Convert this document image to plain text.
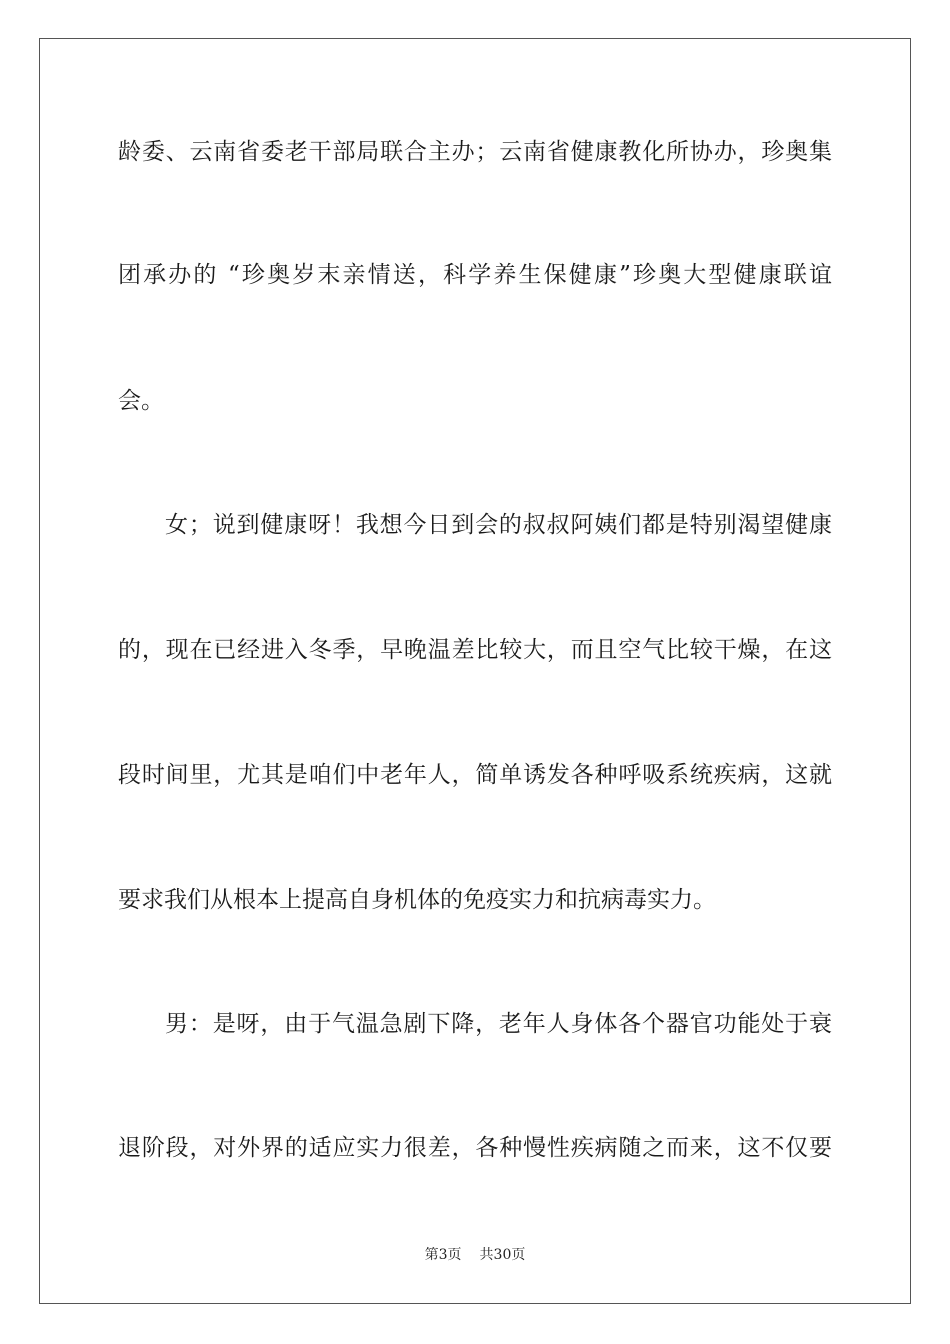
龄委、云南省委老干部局联合主办；云南省健康教化所协办，珍奥集
团承办的 “珍奥岁末亲情送，科学养生保健康”珍奥大型健康联谊
会。
女；说到健康呀！我想今日到会的叔叔阿姨们都是特别渴望健康
的，现在已经进入冬季，早晚温差比较大，而且空气比较干燥，在这
段时间里，尤其是咱们中老年人，简单诱发各种呼吸系统疾病，这就
要求我们从根本上提高自身机体的免疫实力和抗病毒实力。
男：是呀，由于气温急剧下降，老年人身体各个器官功能处于衰
退阶段，对外界的适应实力很差，各种慢性疾病随之而来，这不仅要
第3页 共30页
